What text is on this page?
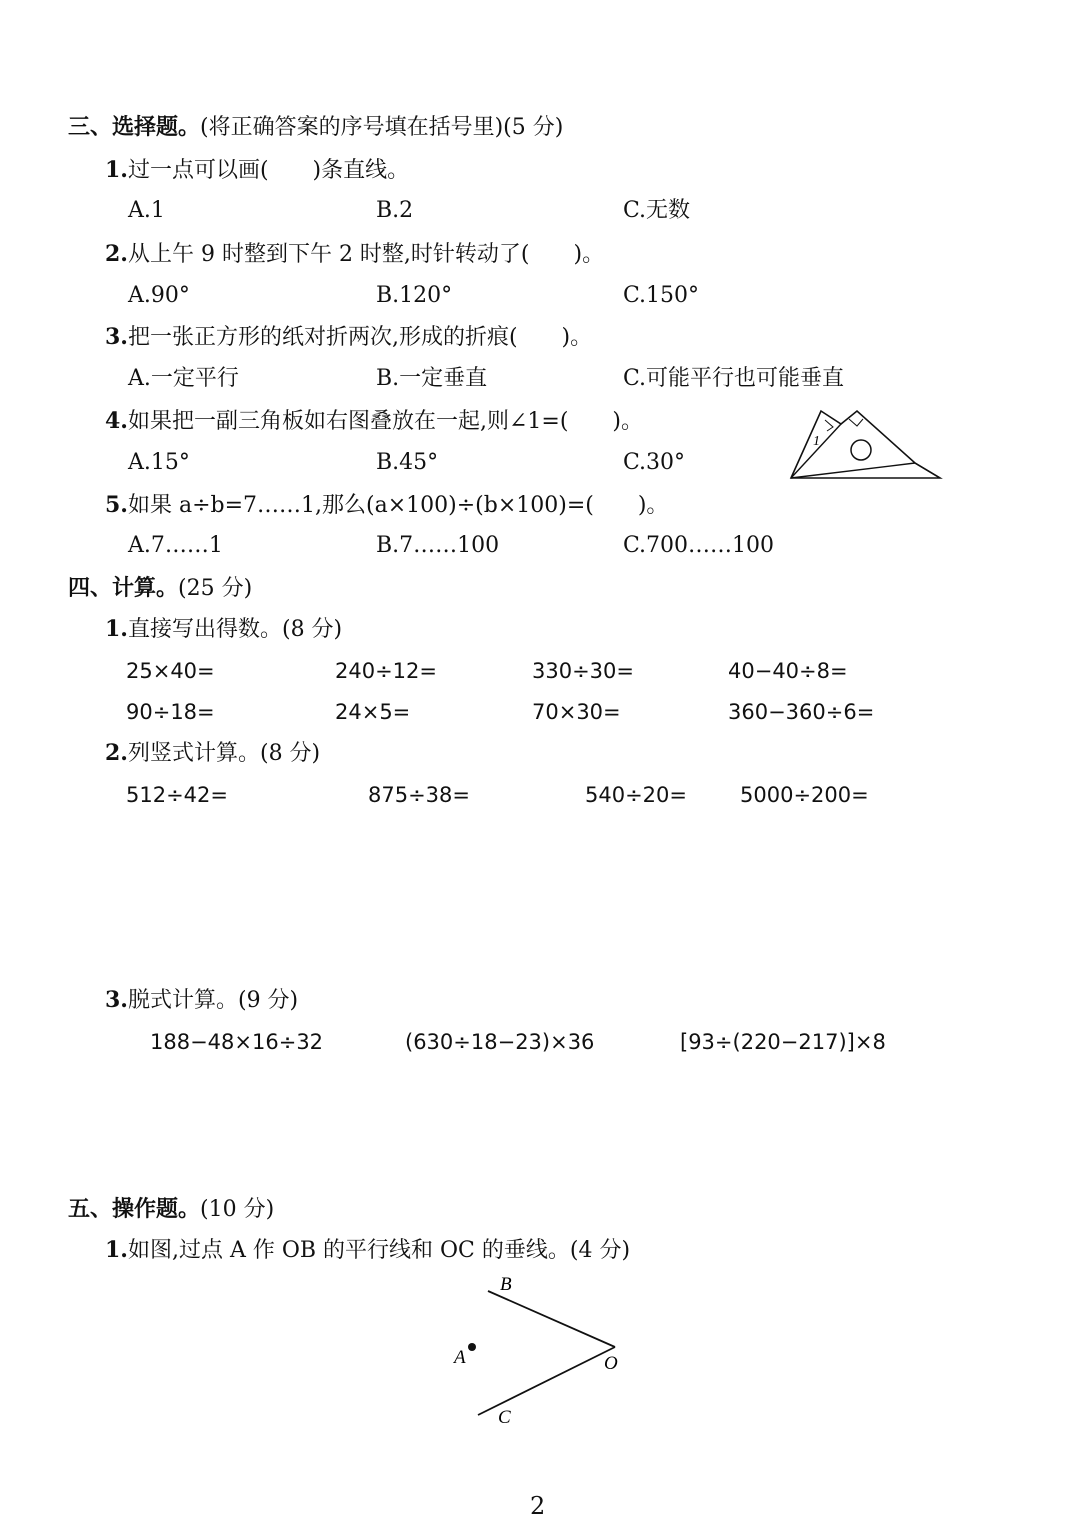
三、选择题。(将正确答案的序号填在括号里)(5 分)
1.过一点可以画(　　)条直线。
A.1	B.2	C.无数
2.从上午 9 时整到下午 2 时整,时针转动了(　　)。
A.90°	B.120°	C.150°
3.把一张正方形的纸对折两次,形成的折痕(　　)。
A.一定平行	B.一定垂直	C.可能平行也可能垂直
4.如果把一副三角板如右图叠放在一起,则∠1=(　　)。
A.15°	B.45°	C.30°
1
5.如果 a÷b=7……1,那么(a×100)÷(b×100)=(　　)。
A.7……1	B.7……100	C.700……100
四、计算。(25 分)
1.直接写出得数。(8 分)
25×40=	240÷12=	330÷30=	40−40÷8=
90÷18=	24×5=	70×30=	360−360÷6=
2.列竖式计算。(8 分)
512÷42=	875÷38=	540÷20=	5000÷200=
3.脱式计算。(9 分)
188−48×16÷32	(630÷18−23)×36	[93÷(220−217)]×8
五、操作题。(10 分)
1.如图,过点 A 作 OB 的平行线和 OC 的垂线。(4 分)
B
A	O
C
2
